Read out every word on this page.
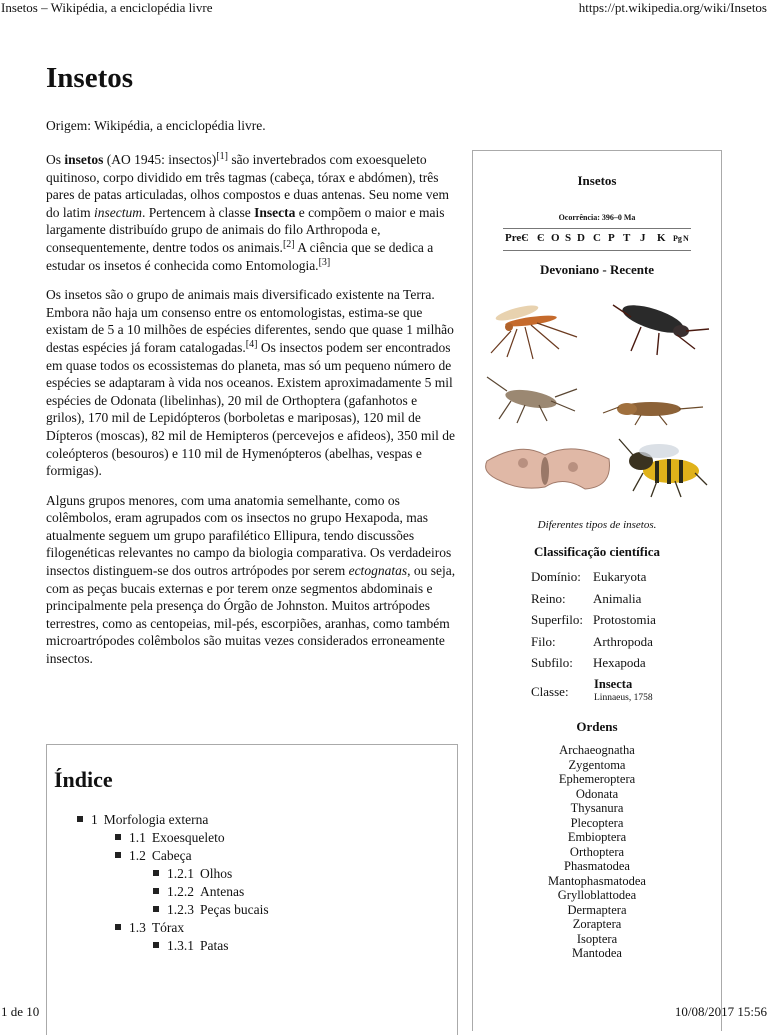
Insetos – Wikipédia, a enciclopédia livre	https://pt.wikipedia.org/wiki/Insetos
Insetos
Origem: Wikipédia, a enciclopédia livre.

Os insetos (AO 1945: insectos)[1] são invertebrados com exoesqueleto quitinoso, corpo dividido em três tagmas (cabeça, tórax e abdómen), três pares de patas articuladas, olhos compostos e duas antenas. Seu nome vem do latim insectum. Pertencem à classe Insecta e compõem o maior e mais largamente distribuído grupo de animais do filo Arthropoda e, consequentemente, dentre todos os animais.[2] A ciência que se dedica a estudar os insetos é conhecida como Entomologia.[3]

Os insetos são o grupo de animais mais diversificado existente na Terra. Embora não haja um consenso entre os entomologistas, estima-se que existam de 5 a 10 milhões de espécies diferentes, sendo que quase 1 milhão destas espécies já foram catalogadas.[4] Os insectos podem ser encontrados em quase todos os ecossistemas do planeta, mas só um pequeno número de espécies se adaptaram à vida nos oceanos. Existem aproximadamente 5 mil espécies de Odonata (libelinhas), 20 mil de Orthoptera (gafanhotos e grilos), 170 mil de Lepidópteros (borboletas e mariposas), 120 mil de Dípteros (moscas), 82 mil de Hemipteros (percevejos e afideos), 350 mil de coleópteros (besouros) e 110 mil de Hymenópteros (abelhas, vespas e formigas).

Alguns grupos menores, com uma anatomia semelhante, como os colêmbolos, eram agrupados com os insectos no grupo Hexapoda, mas atualmente seguem um grupo parafilético Ellipura, tendo discussões filogenéticas relevantes no campo da biologia comparativa. Os verdadeiros insectos distinguem-se dos outros artrópodes por serem ectognatas, ou seja, com as peças bucais externas e por terem onze segmentos abdominais e principalmente pela presença do Órgão de Johnston. Muitos artrópodes terrestres, como as centopeias, mil-pés, escorpiões, aranhas, como também microartrópodes colêmbolos são muitas vezes considerados erroneamente insectos.

Índice
1 Morfologia externa
1.1 Exoesqueleto
1.2 Cabeça
1.2.1 Olhos
1.2.2 Antenas
1.2.3 Peças bucais
1.3 Tórax
1.3.1 Patas
Insetos
Ocorrência: 396–0 Ma
PreЄ Є O S D C P T J K Pg N
Devoniano - Recente
Diferentes tipos de insetos.
Classificação científica
Domínio: Eukaryota
Reino: Animalia
Superfilo: Protostomia
Filo:	Arthropoda
Subfilo: Hexapoda
Classe: Insecta
Linnaeus, 1758
Ordens
Archaeognatha
Zygentoma
Ephemeroptera
Odonata
Thysanura
Plecoptera
Embioptera
Orthoptera
Phasmatodea
Mantophasmatodea
Grylloblattodea
Dermaptera
Zoraptera
Isoptera
Mantodea
1 de 10	10/08/2017 15:56
